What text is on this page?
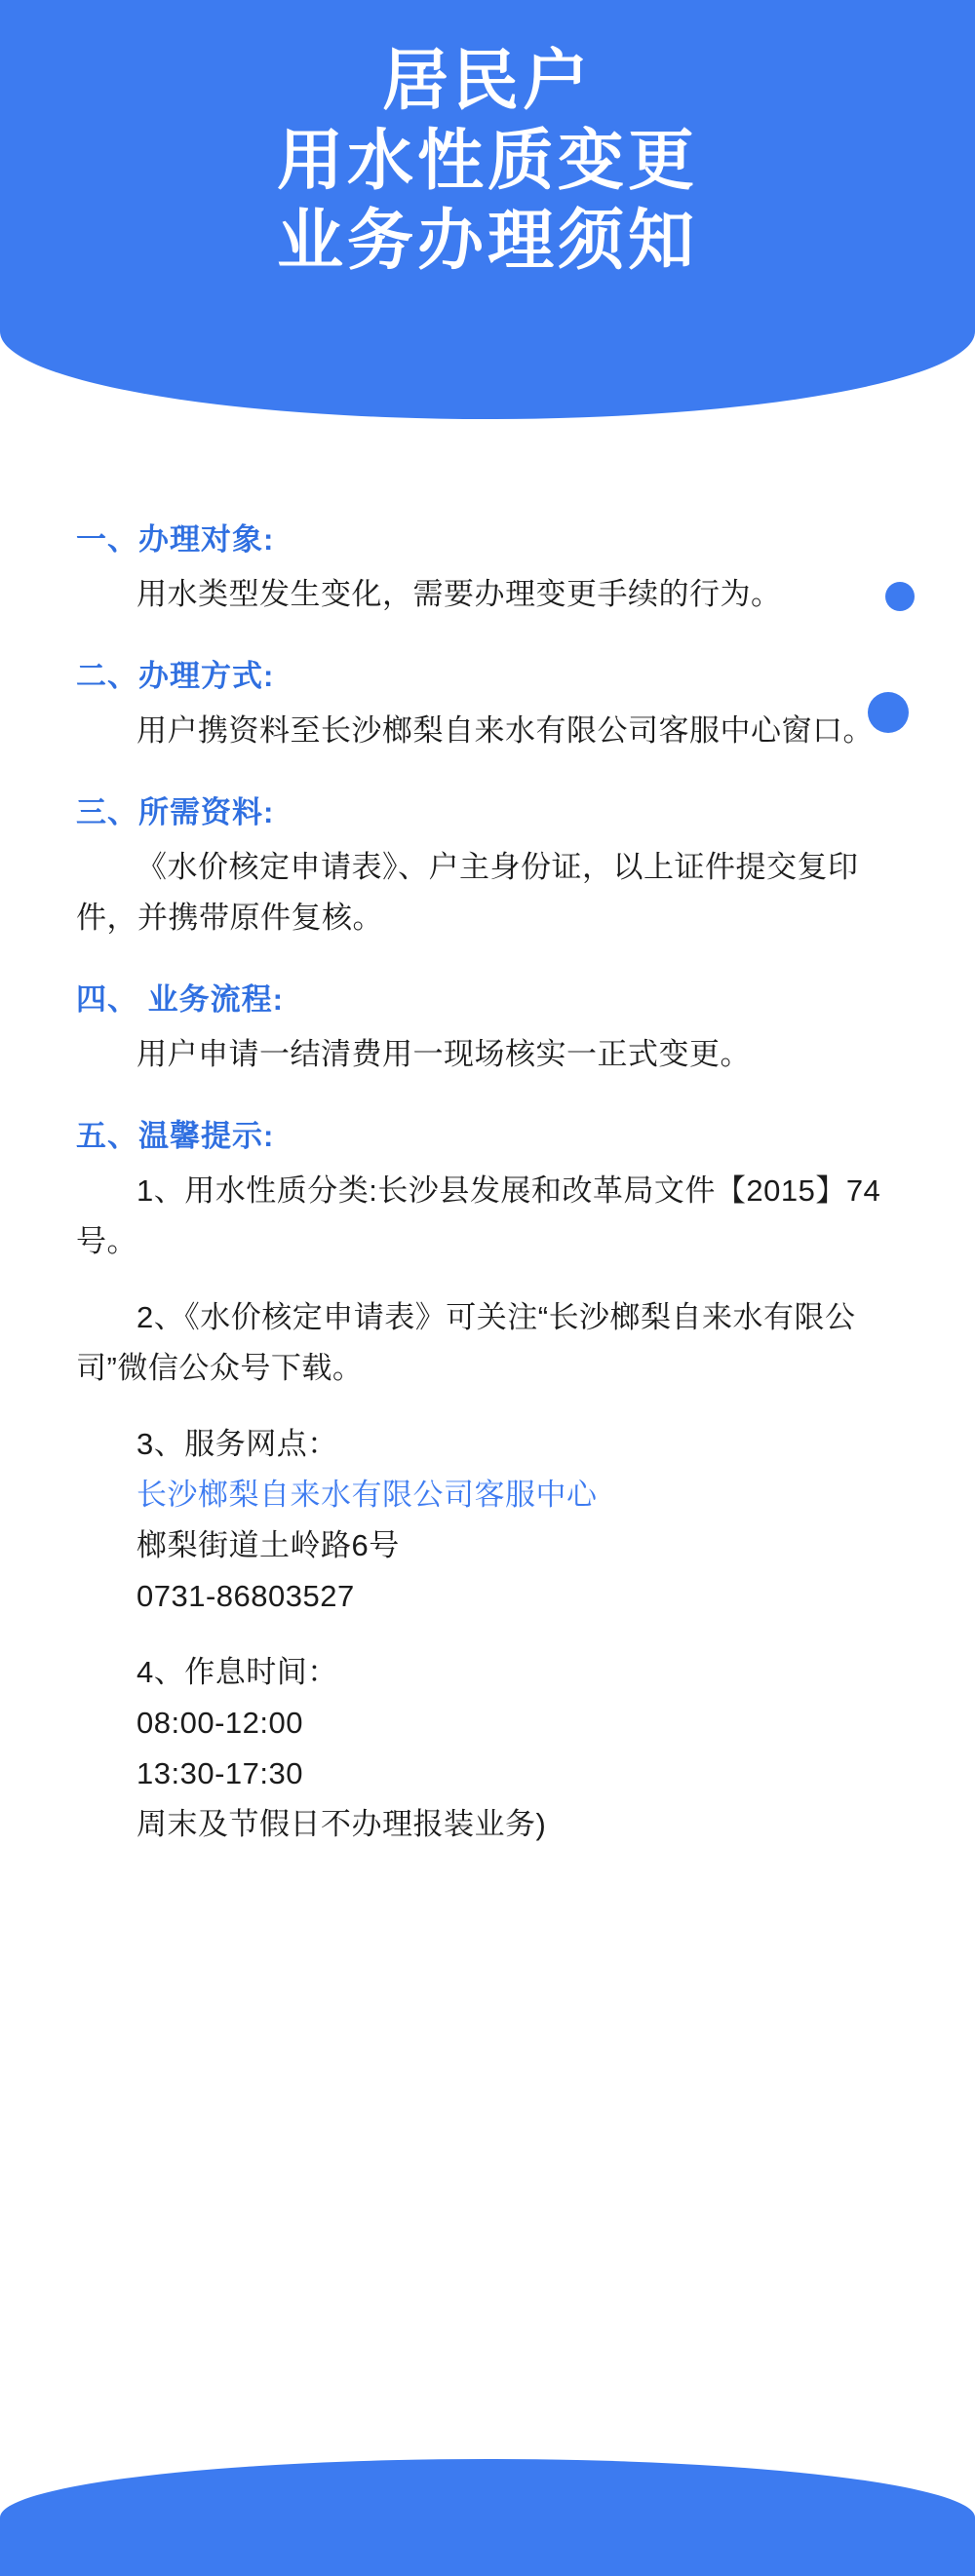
居民户
用水性质变更
业务办理须知
一、办理对象:
用水类型发生变化，需要办理变更手续的行为。
二、办理方式:
用户携资料至长沙榔梨自来水有限公司客服中心窗口。
三、所需资料:
《水价核定申请表》、户主身份证，以上证件提交复印件，并携带原件复核。
四、 业务流程:
用户申请一结清费用一现场核实一正式变更。
五、温馨提示:
1、用水性质分类:长沙县发展和改革局文件【2015】74号。
2、《水价核定申请表》可关注“长沙榔梨自来水有限公司”微信公众号下载。
3、服务网点：
长沙榔梨自来水有限公司客服中心
榔梨街道土岭路6号
0731-86803527
4、作息时间：
08:00-12:00
13:30-17:30
周末及节假日不办理报装业务)
